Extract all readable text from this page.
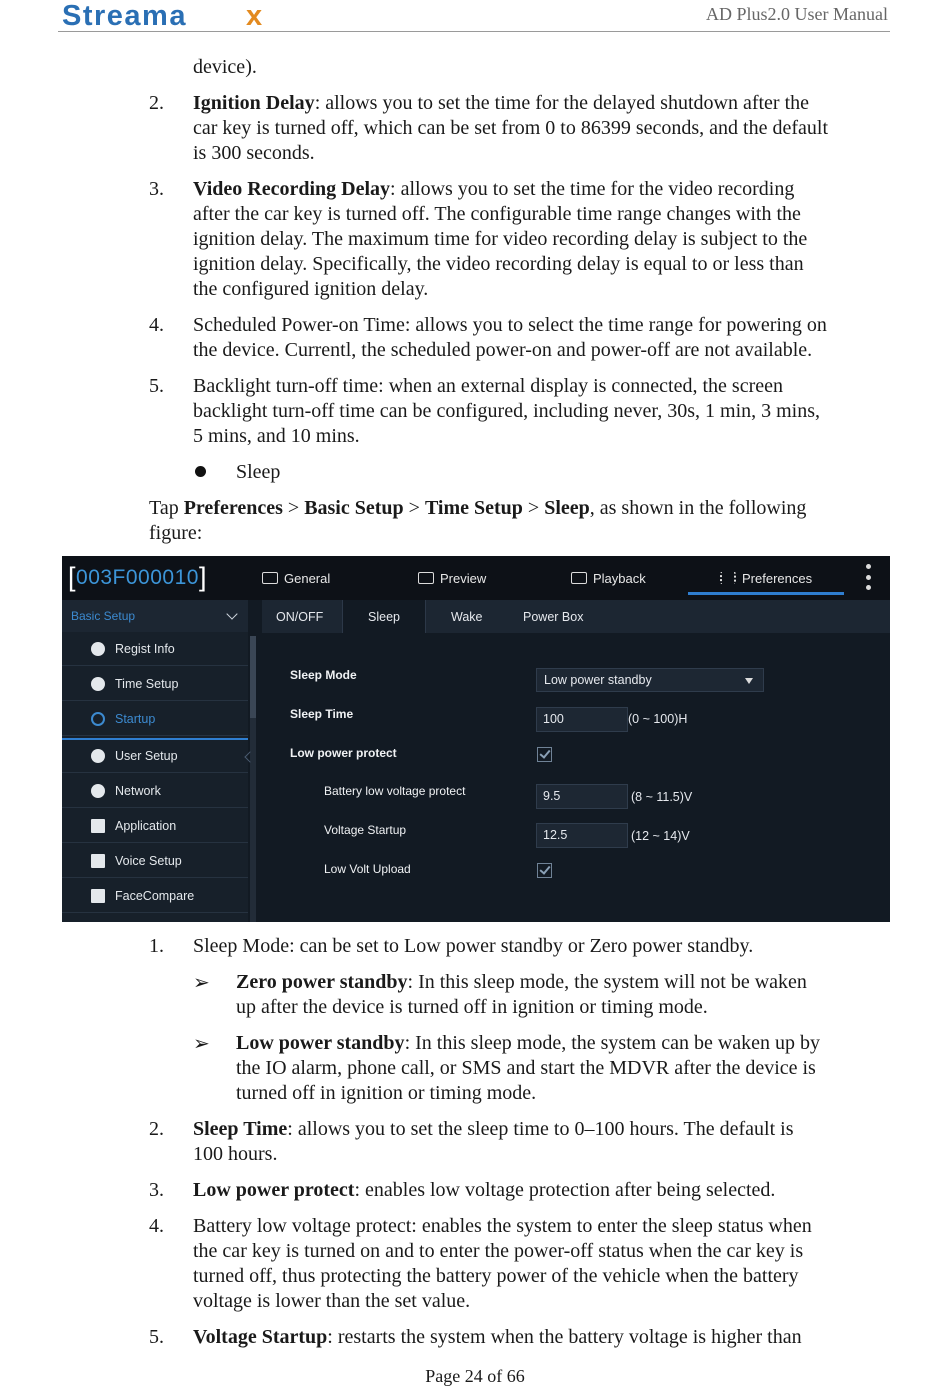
Streama x	AD Plus2.0 User Manual
device).
2. Ignition Delay: allows you to set the time for the delayed shutdown after the
car key is turned off, which can be set from 0 to 86399 seconds, and the default
is 300 seconds.
3. Video Recording Delay: allows you to set the time for the video recording
after the car key is turned off. The configurable time range changes with the
ignition delay. The maximum time for video recording delay is subject to the
ignition delay. Specifically, the video recording delay is equal to or less than
the configured ignition delay.
4. Scheduled Power-on Time: allows you to select the time range for powering on
the device. Currentl, the scheduled power-on and power-off are not available.
5. Backlight turn-off time: when an external display is connected, the screen
backlight turn-off time can be configured, including never, 30s, 1 min, 3 mins,
5 mins, and 10 mins.
Sleep
Tap Preferences > Basic Setup > Time Setup > Sleep, as shown in the following
figure:
[003F000010]	General	Preview	Playback	Preferences
Basic Setup
Regist Info
Time Setup
Startup
User Setup
Network
Application
Voice Setup
FaceCompare
ON/OFF	Sleep	Wake	Power Box
Sleep Mode	Low power standby
Sleep Time	100	(0 ~ 100)H
Low power protect
Battery low voltage protect	9.5	(8 ~ 11.5)V
Voltage Startup	12.5	(12 ~ 14)V
Low Volt Upload
1. Sleep Mode: can be set to Low power standby or Zero power standby.
➢ Zero power standby: In this sleep mode, the system will not be waken
up after the device is turned off in ignition or timing mode.
➢ Low power standby: In this sleep mode, the system can be waken up by
the IO alarm, phone call, or SMS and start the MDVR after the device is
turned off in ignition or timing mode.
2. Sleep Time: allows you to set the sleep time to 0–100 hours. The default is
100 hours.
3. Low power protect: enables low voltage protection after being selected.
4. Battery low voltage protect: enables the system to enter the sleep status when
the car key is turned on and to enter the power-off status when the car key is
turned off, thus protecting the battery power of the vehicle when the battery
voltage is lower than the set value.
5. Voltage Startup: restarts the system when the battery voltage is higher than
Page 24 of 66
